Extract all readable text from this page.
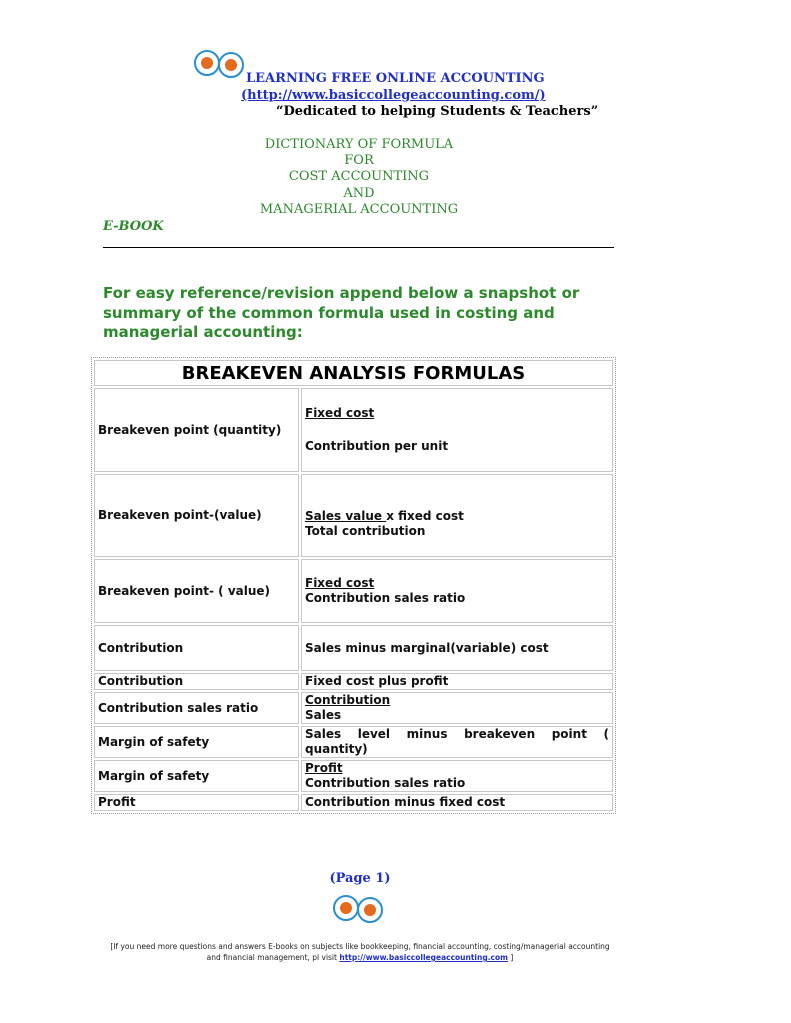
LEARNING FREE ONLINE ACCOUNTING

(http://www.basiccollegeaccounting.com/)

“Dedicated to helping Students & Teachers”

DICTIONARY OF FORMULA

FOR

COST ACCOUNTING

AND

MANAGERIAL ACCOUNTING

E-BOOK

For easy reference/revision append below a snapshot or summary of the common formula used in costing and managerial accounting:

BREAKEVEN ANALYSIS FORMULAS	
Breakeven point (quantity)	Fixed cost
Contribution per unit

Breakeven point-(value)	Sales value x fixed cost
Total contribution

Breakeven point- ( value)	Fixed cost
Contribution sales ratio

Contribution	Sales minus marginal(variable) cost
Contribution	Fixed cost plus profit
Contribution sales ratio	Contribution
Sales

Margin of safety	Sales level minus breakeven point ( quantity)
Margin of safety	Profit
Contribution sales ratio

Profit	Contribution minus fixed cost

(Page 1)

[If you need more questions and answers E-books on subjects like bookkeeping, financial accounting, costing/managerial accounting and financial management, pl visit http://www.basiccollegeaccounting.com ]
